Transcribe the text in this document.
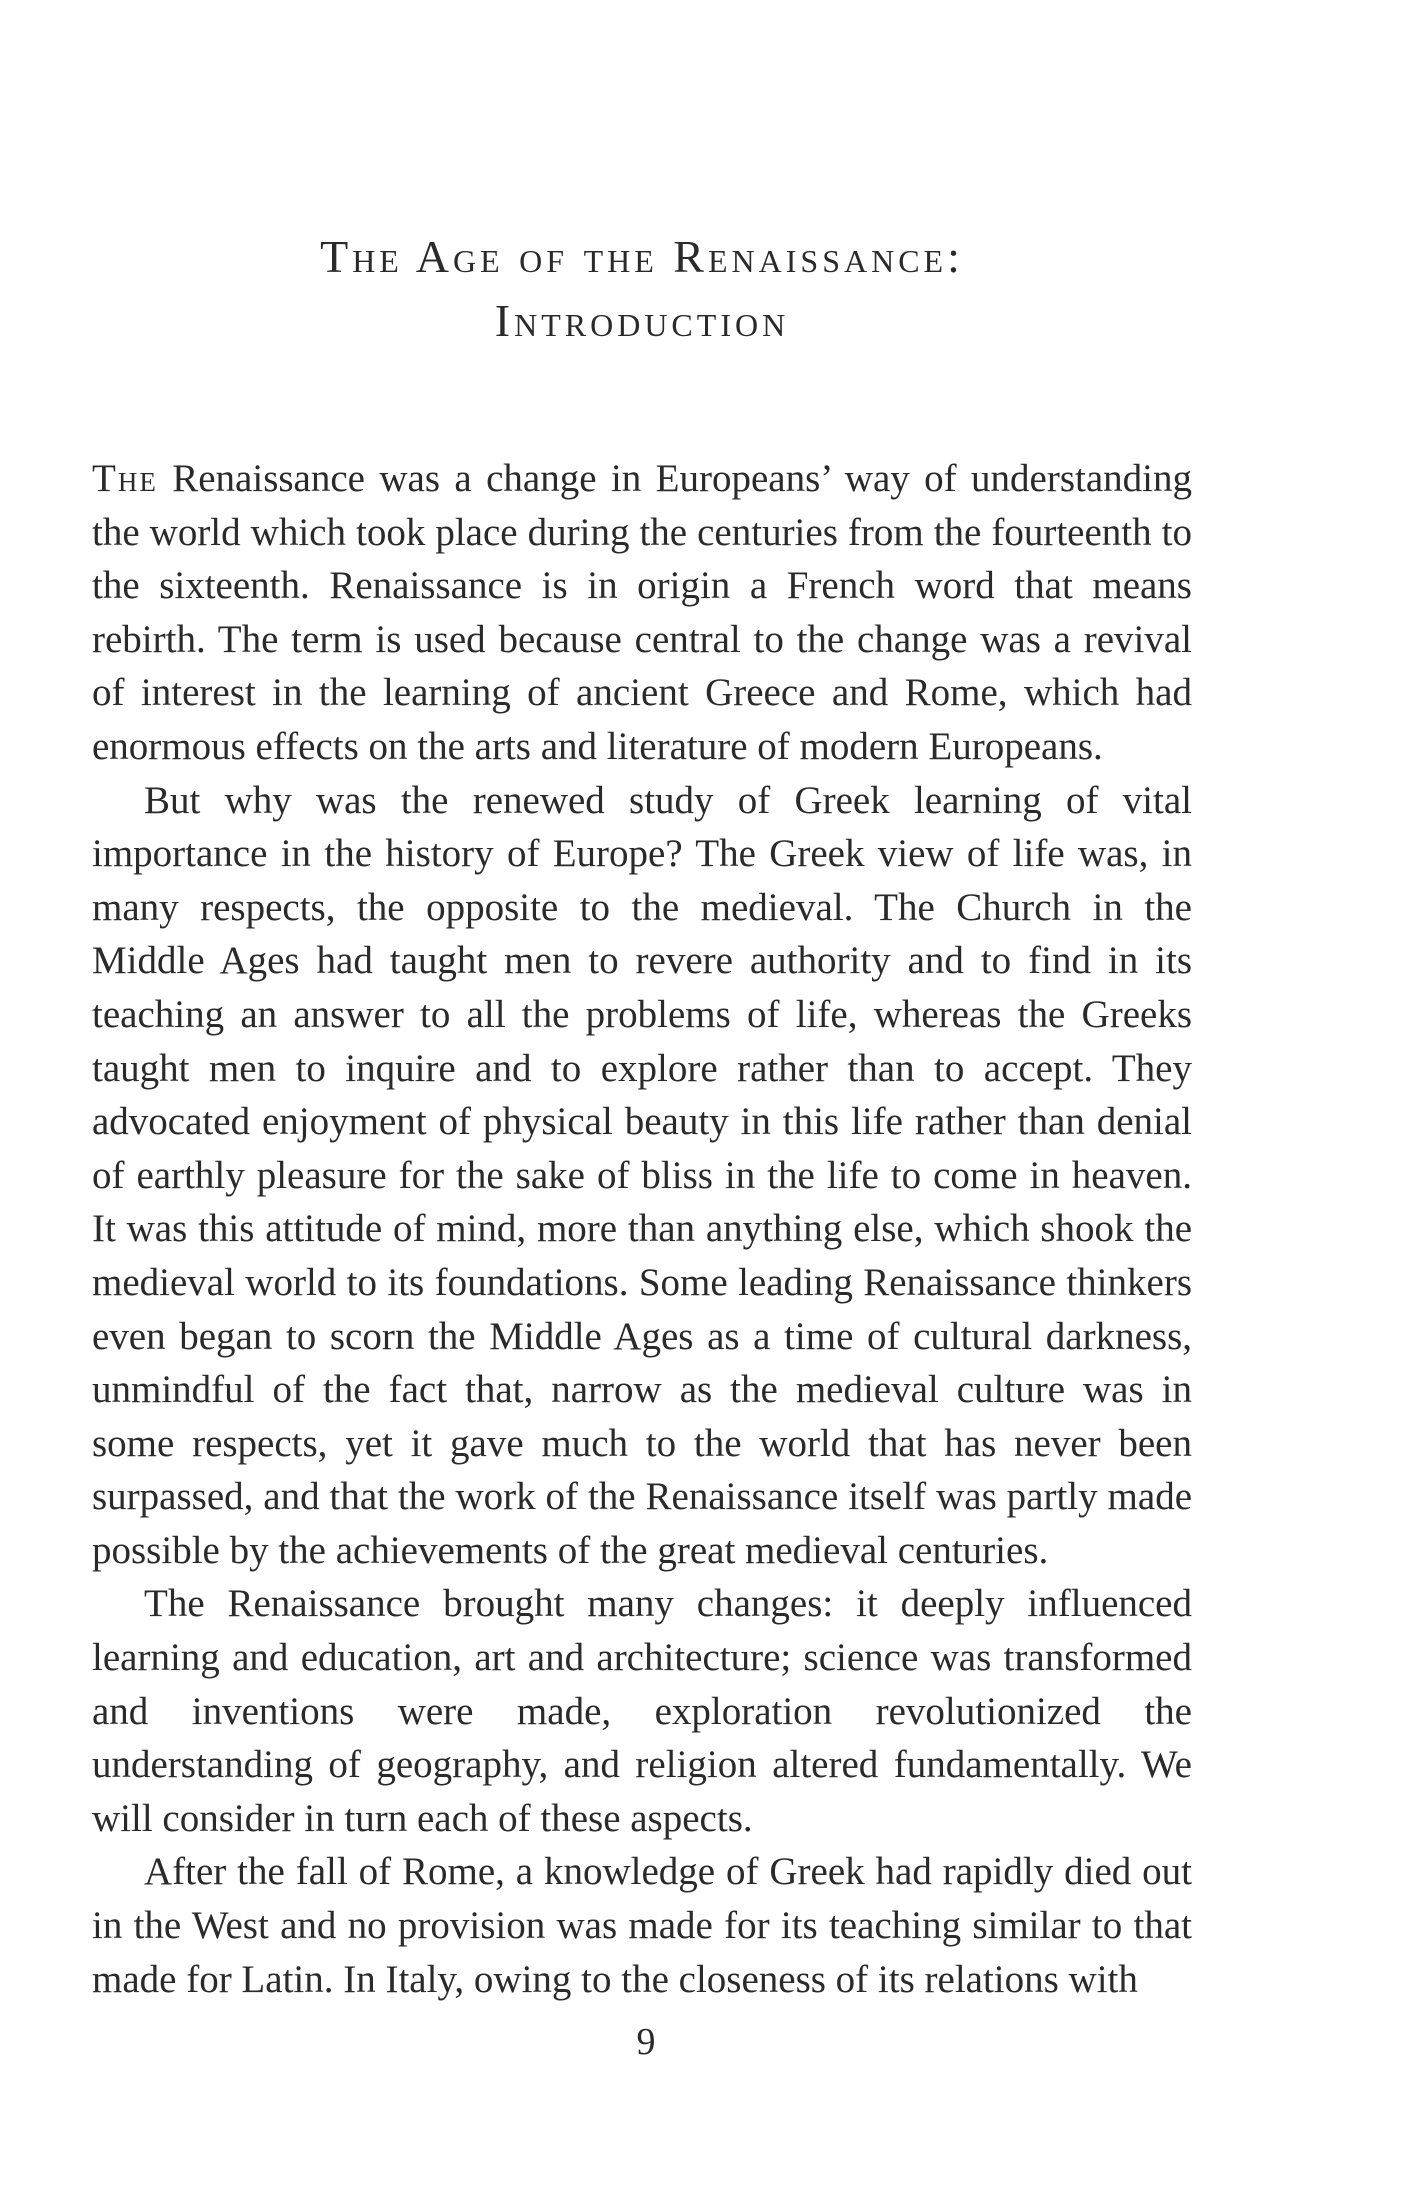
The Age of the Renaissance:
Introduction

The Renaissance was a change in Europeans’ way of understanding the world which took place during the centuries from the fourteenth to the sixteenth. Renaissance is in origin a French word that means rebirth. The term is used because central to the change was a revival of interest in the learning of ancient Greece and Rome, which had enormous effects on the arts and literature of modern Europeans.

But why was the renewed study of Greek learning of vital importance in the history of Europe? The Greek view of life was, in many respects, the opposite to the medieval. The Church in the Middle Ages had taught men to revere authority and to find in its teaching an answer to all the problems of life, whereas the Greeks taught men to inquire and to explore rather than to accept. They advocated enjoyment of physical beauty in this life rather than denial of earthly pleasure for the sake of bliss in the life to come in heaven. It was this attitude of mind, more than anything else, which shook the medieval world to its foundations. Some leading Renaissance thinkers even began to scorn the Middle Ages as a time of cultural darkness, unmindful of the fact that, narrow as the medieval culture was in some respects, yet it gave much to the world that has never been surpassed, and that the work of the Renaissance itself was partly made possible by the achievements of the great medieval centuries.

The Renaissance brought many changes: it deeply influenced learning and education, art and architecture; science was transformed and inventions were made, exploration revolutionized the understanding of geography, and religion altered fundamentally. We will consider in turn each of these aspects.

After the fall of Rome, a knowledge of Greek had rapidly died out in the West and no provision was made for its teaching similar to that made for Latin. In Italy, owing to the closeness of its relations with

9
